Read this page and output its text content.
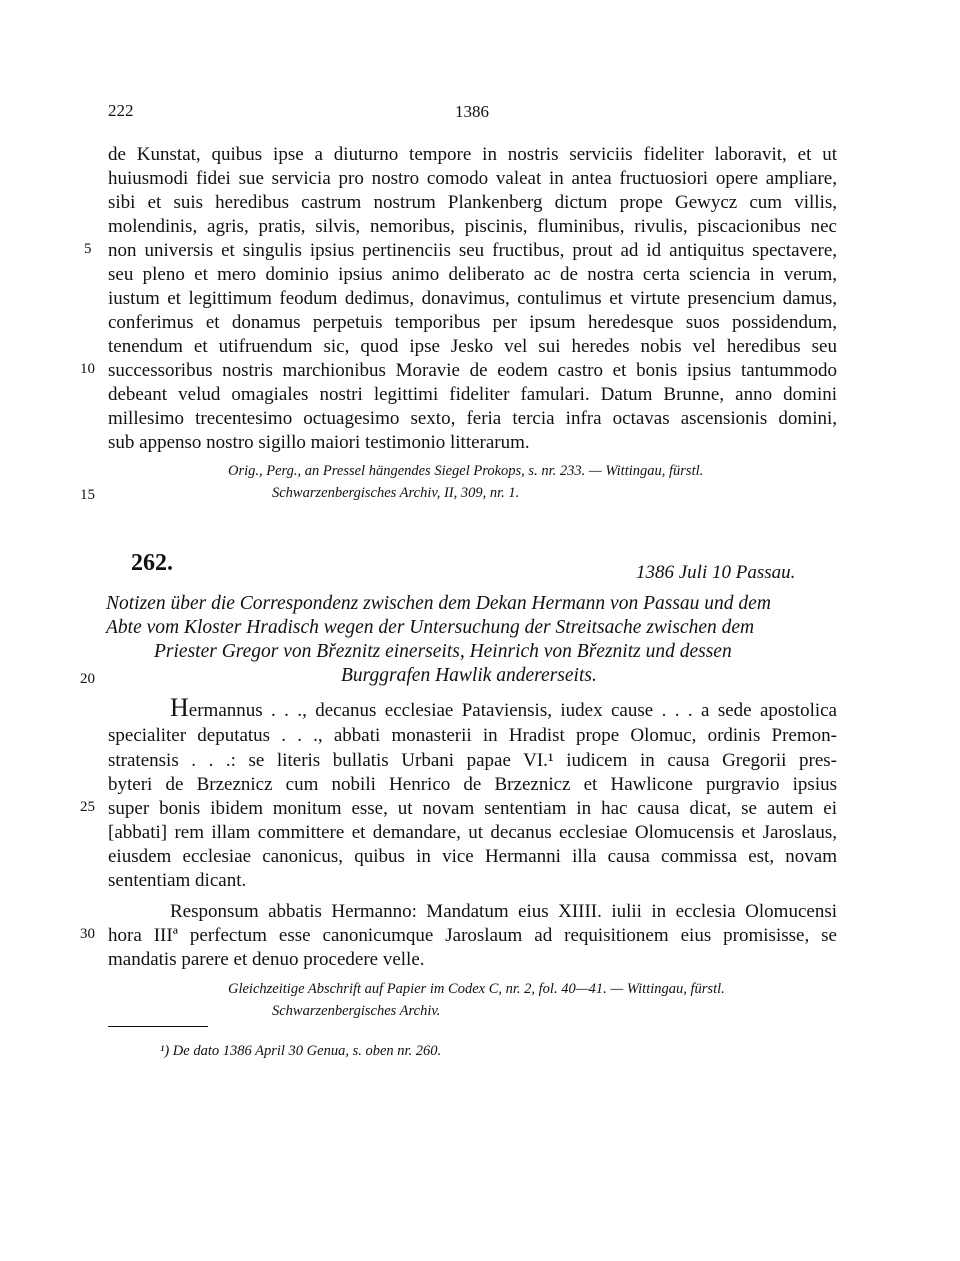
222	1386
de Kunstat, quibus ipse a diuturno tempore in nostris serviciis fideliter laboravit, et ut
huiusmodi fidei sue servicia pro nostro comodo valeat in antea fructuosiori opere ampliare,
sibi et suis heredibus castrum nostrum Plankenberg dictum prope Gewycz cum villis,
molendinis, agris, pratis, silvis, nemoribus, piscinis, fluminibus, rivulis, piscacionibus nec
non universis et singulis ipsius pertinenciis seu fructibus, prout ad id antiquitus spectavere,
seu pleno et mero dominio ipsius animo deliberato ac de nostra certa sciencia in verum,
iustum et legittimum feodum dedimus, donavimus, contulimus et virtute presencium damus,
conferimus et donamus perpetuis temporibus per ipsum heredesque suos possidendum,
tenendum et utifruendum sic, quod ipse Jesko vel sui heredes nobis vel heredibus seu
successoribus nostris marchionibus Moravie de eodem castro et bonis ipsius tantummodo
debeant velud omagiales nostri legittimi fideliter famulari. Datum Brunne, anno domini
millesimo trecentesimo octuagesimo sexto, feria tercia infra octavas ascensionis domini,
sub appenso nostro sigillo maiori testimonio litterarum.
Orig., Perg., an Pressel hängendes Siegel Prokops, s. nr. 233. — Wittingau, fürstl.
Schwarzenbergisches Archiv, II, 309, nr. 1.
5
10
15
20
25
30
262.	1386 Juli 10 Passau.
Notizen über die Correspondenz zwischen dem Dekan Hermann von Passau und dem
Abte vom Kloster Hradisch wegen der Untersuchung der Streitsache zwischen dem
Priester Gregor von Březnitz einerseits, Heinrich von Březnitz und dessen
Burggrafen Hawlik andererseits.
Hermannus . . ., decanus ecclesiae Pataviensis, iudex cause . . . a sede apostolica
specialiter deputatus . . ., abbati monasterii in Hradist prope Olomuc, ordinis Premon-
stratensis . . .: se literis bullatis Urbani papae VI.¹ iudicem in causa Gregorii pres-
byteri de Brzeznicz cum nobili Henrico de Brzeznicz et Hawlicone purgravio ipsius
super bonis ibidem monitum esse, ut novam sententiam in hac causa dicat, se autem ei
[abbati] rem illam committere et demandare, ut decanus ecclesiae Olomucensis et Jaroslaus,
eiusdem ecclesiae canonicus, quibus in vice Hermanni illa causa commissa est, novam
sententiam dicant.
Responsum abbatis Hermanno: Mandatum eius XIIII. iulii in ecclesia Olomucensi
hora IIIª perfectum esse canonicumque Jaroslaum ad requisitionem eius promisisse, se
mandatis parere et denuo procedere velle.
Gleichzeitige Abschrift auf Papier im Codex C, nr. 2, fol. 40—41. — Wittingau, fürstl.
Schwarzenbergisches Archiv.
¹) De dato 1386 April 30 Genua, s. oben nr. 260.
